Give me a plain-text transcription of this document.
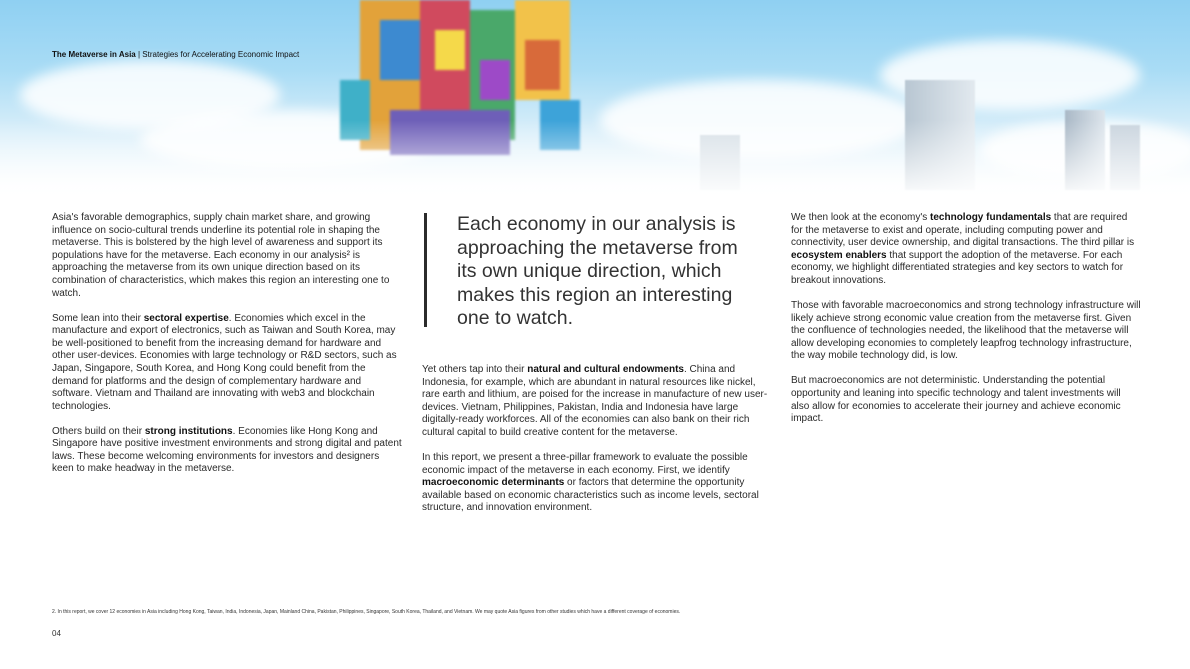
The Metaverse in Asia | Strategies for Accelerating Economic Impact

Asia's favorable demographics, supply chain market share, and growing influence on socio-cultural trends underline its potential role in shaping the metaverse. This is bolstered by the high level of awareness and support its populations have for the metaverse. Each economy in our analysis² is approaching the metaverse from its own unique direction based on its combination of characteristics, which makes this region an interesting one to watch.

Some lean into their sectoral expertise. Economies which excel in the manufacture and export of electronics, such as Taiwan and South Korea, may be well-positioned to benefit from the increasing demand for hardware and other user-devices. Economies with large technology or R&D sectors, such as Japan, Singapore, South Korea, and Hong Kong could benefit from the demand for platforms and the design of complementary hardware and software. Vietnam and Thailand are innovating with web3 and blockchain technologies.

Others build on their strong institutions. Economies like Hong Kong and Singapore have positive investment environments and strong digital and patent laws. These become welcoming environments for investors and designers keen to make headway in the metaverse.

Each economy in our analysis is approaching the metaverse from its own unique direction, which makes this region an interesting one to watch.

Yet others tap into their natural and cultural endowments. China and Indonesia, for example, which are abundant in natural resources like nickel, rare earth and lithium, are poised for the increase in manufacture of new user-devices. Vietnam, Philippines, Pakistan, India and Indonesia have large digitally-ready workforces. All of the economies can also bank on their rich cultural capital to build creative content for the metaverse.

In this report, we present a three-pillar framework to evaluate the possible economic impact of the metaverse in each economy. First, we identify macroeconomic determinants or factors that determine the opportunity available based on economic characteristics such as income levels, sectoral structure, and innovation environment.

We then look at the economy's technology fundamentals that are required for the metaverse to exist and operate, including computing power and connectivity, user device ownership, and digital transactions. The third pillar is ecosystem enablers that support the adoption of the metaverse. For each economy, we highlight differentiated strategies and key sectors to watch for breakout innovations.

Those with favorable macroeconomics and strong technology infrastructure will likely achieve strong economic value creation from the metaverse first. Given the confluence of technologies needed, the likelihood that the metaverse will allow developing economies to completely leapfrog technology infrastructure, the way mobile technology did, is low.

But macroeconomics are not deterministic. Understanding the potential opportunity and leaning into specific technology and talent investments will also allow for economies to accelerate their journey and achieve economic impact.

2. In this report, we cover 12 economies in Asia including Hong Kong, Taiwan, India, Indonesia, Japan, Mainland China, Pakistan, Philippines, Singapore, South Korea, Thailand, and Vietnam. We may quote Asia figures from other studies which have a different coverage of economies.
04
